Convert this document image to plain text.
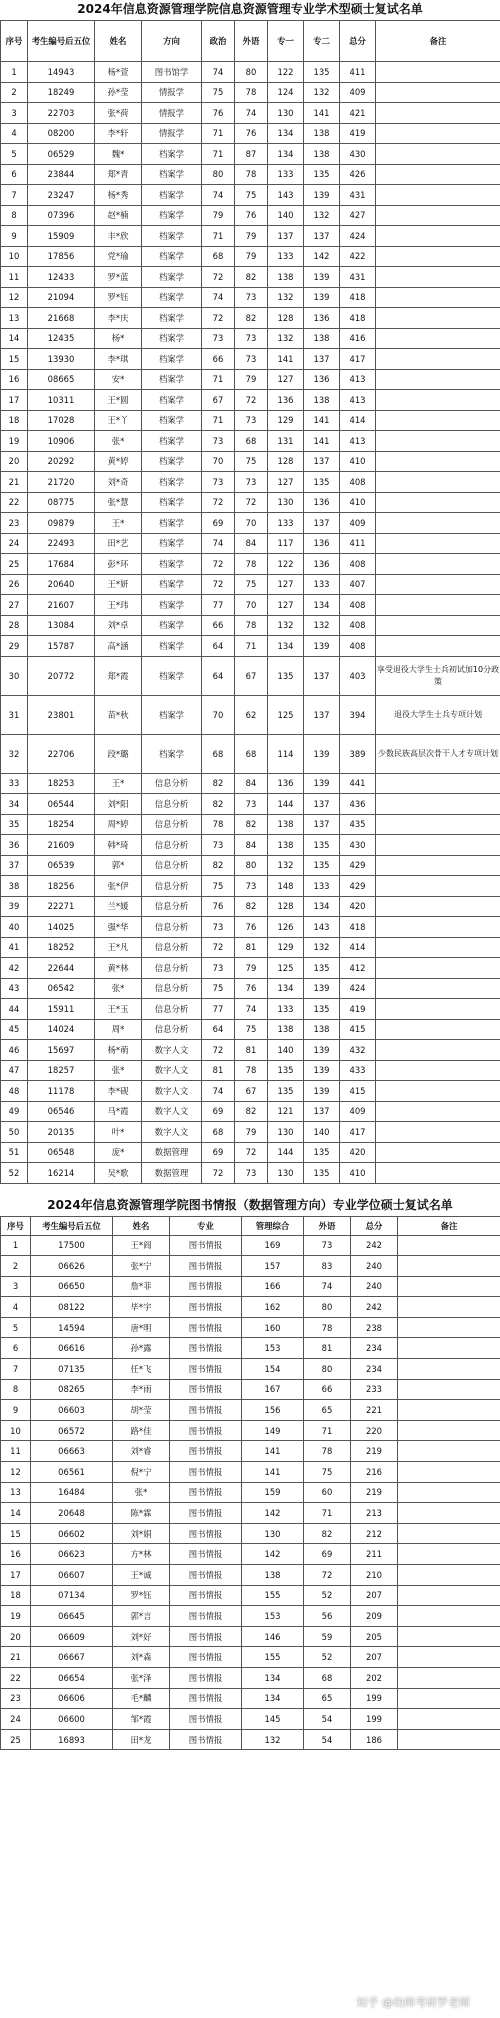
2024年信息资源管理学院信息资源管理专业学术型硕士复试名单
序号	考生编号后五位	姓名	方向	政治	外语	专一	专二	总分	备注
1	14943	杨*萱	图书馆学	74	80	122	135	411	
2	18249	孙*莹	情报学	75	78	124	132	409	
3	22703	张*荷	情报学	76	74	130	141	421	
4	08200	李*轩	情报学	71	76	134	138	419	
5	06529	魏*	档案学	71	87	134	138	430	
6	23844	郑*青	档案学	80	78	133	135	426	
7	23247	杨*秀	档案学	74	75	143	139	431	
8	07396	赵*楠	档案学	79	76	140	132	427	
9	15909	丰*欣	档案学	71	79	137	137	424	
10	17856	党*瑜	档案学	68	79	133	142	422	
11	12433	罗*蓝	档案学	72	82	138	139	431	
12	21094	罗*钰	档案学	74	73	132	139	418	
13	21668	李*庆	档案学	72	82	128	136	418	
14	12435	杨*	档案学	73	73	132	138	416	
15	13930	李*琪	档案学	66	73	141	137	417	
16	08665	安*	档案学	71	79	127	136	413	
17	10311	王*圆	档案学	67	72	136	138	413	
18	17028	王*丫	档案学	71	73	129	141	414	
19	10906	张*	档案学	73	68	131	141	413	
20	20292	黄*婷	档案学	70	75	128	137	410	
21	21720	刘*奇	档案学	73	73	127	135	408	
22	08775	张*慧	档案学	72	72	130	136	410	
23	09879	王*	档案学	69	70	133	137	409	
24	22493	田*艺	档案学	74	84	117	136	411	
25	17684	彭*环	档案学	72	78	122	136	408	
26	20640	王*妍	档案学	72	75	127	133	407	
27	21607	王*玮	档案学	77	70	127	134	408	
28	13084	刘*卓	档案学	66	78	132	132	408	
29	15787	高*涵	档案学	64	71	134	139	408	
30	20772	郑*霞	档案学	64	67	135	137	403	享受退役大学生士兵初试加10分政策
31	23801	苗*秋	档案学	70	62	125	137	394	退役大学生士兵专项计划
32	22706	段*璐	档案学	68	68	114	139	389	少数民族高层次骨干人才专项计划
33	18253	王*	信息分析	82	84	136	139	441	
34	06544	刘*阳	信息分析	82	73	144	137	436	
35	18254	周*婷	信息分析	78	82	138	137	435	
36	21609	韩*琦	信息分析	73	84	138	135	430	
37	06539	郭*	信息分析	82	80	132	135	429	
38	18256	张*伊	信息分析	75	73	148	133	429	
39	22271	兰*媛	信息分析	76	82	128	134	420	
40	14025	强*华	信息分析	73	76	126	143	418	
41	18252	王*凡	信息分析	72	81	129	132	414	
42	22644	黄*林	信息分析	73	79	125	135	412	
43	06542	张*	信息分析	75	76	134	139	424	
44	15911	王*玉	信息分析	77	74	133	135	419	
45	14024	周*	信息分析	64	75	138	138	415	
46	15697	杨*萌	数字人文	72	81	140	139	432	
47	18257	张*	数字人文	81	78	135	139	433	
48	11178	李*砚	数字人文	74	67	135	139	415	
49	06546	马*霞	数字人文	69	82	121	137	409	
50	20135	叶*	数字人文	68	79	130	140	417	
51	06548	庞*	数据管理	69	72	144	135	420	
52	16214	吴*歌	数据管理	72	73	130	135	410	
2024年信息资源管理学院图书情报（数据管理方向）专业学位硕士复试名单
序号	考生编号后五位	姓名	专业	管理综合	外语	总分	备注
1	17500	王*阎	图书情报	169	73	242	
2	06626	张*宁	图书情报	157	83	240	
3	06650	詹*菲	图书情报	166	74	240	
4	08122	毕*宇	图书情报	162	80	242	
5	14594	唐*明	图书情报	160	78	238	
6	06616	孙*露	图书情报	153	81	234	
7	07135	任*飞	图书情报	154	80	234	
8	08265	李*雨	图书情报	167	66	233	
9	06603	胡*莹	图书情报	156	65	221	
10	06572	路*佳	图书情报	149	71	220	
11	06663	刘*睿	图书情报	141	78	219	
12	06561	倪*宁	图书情报	141	75	216	
13	16484	张*	图书情报	159	60	219	
14	20648	陈*霖	图书情报	142	71	213	
15	06602	刘*娟	图书情报	130	82	212	
16	06623	方*林	图书情报	142	69	211	
17	06607	王*诚	图书情报	138	72	210	
18	07134	罗*钰	图书情报	155	52	207	
19	06645	郭*言	图书情报	153	56	209	
20	06609	刘*好	图书情报	146	59	205	
21	06667	刘*森	图书情报	155	52	207	
22	06654	张*泽	图书情报	134	68	202	
23	06606	毛*麟	图书情报	134	65	199	
24	06600	邹*霞	图书情报	145	54	199	
25	16893	田*龙	图书情报	132	54	186	
知乎 @幼师考研罗老师
